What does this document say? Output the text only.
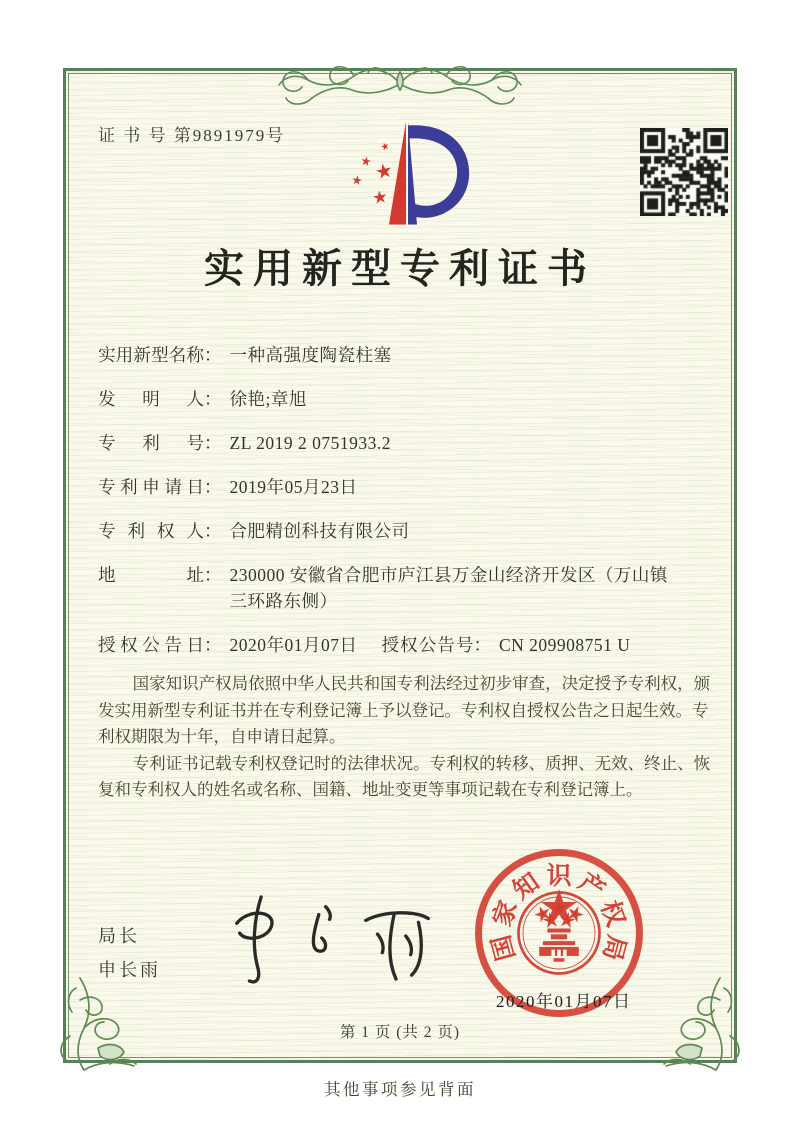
证 书 号 第9891979号
实用新型专利证书
实 用 新 型 名 称 ： 一种高强度陶瓷柱塞
发 明 人 ： 徐艳;章旭
专 利 号 ： ZL 2019 2 0751933.2
专 利 申 请 日 ： 2019年05月23日
专 利 权 人 ： 合肥精创科技有限公司
地	址 ： 230000 安徽省合肥市庐江县万金山经济开发区（万山镇三环路东侧）
授 权 公 告 日 ： 2020年01月07日	授 权 公 告 号 ： CN 209908751 U

国家知识产权局依照中华人民共和国专利法经过初步审查，决定授予专利权，颁发实用新型专利证书并在专利登记簿上予以登记。专利权自授权公告之日起生效。专利权期限为十年，自申请日起算。

专利证书记载专利权登记时的法律状况。专利权的转移、质押、无效、终止、恢复和专利权人的姓名或名称、国籍、地址变更等事项记载在专利登记簿上。

局长
申长雨
国
家
知 识 产
权
局
2020年01月07日
第 1 页 (共 2 页)
其他事项参见背面
